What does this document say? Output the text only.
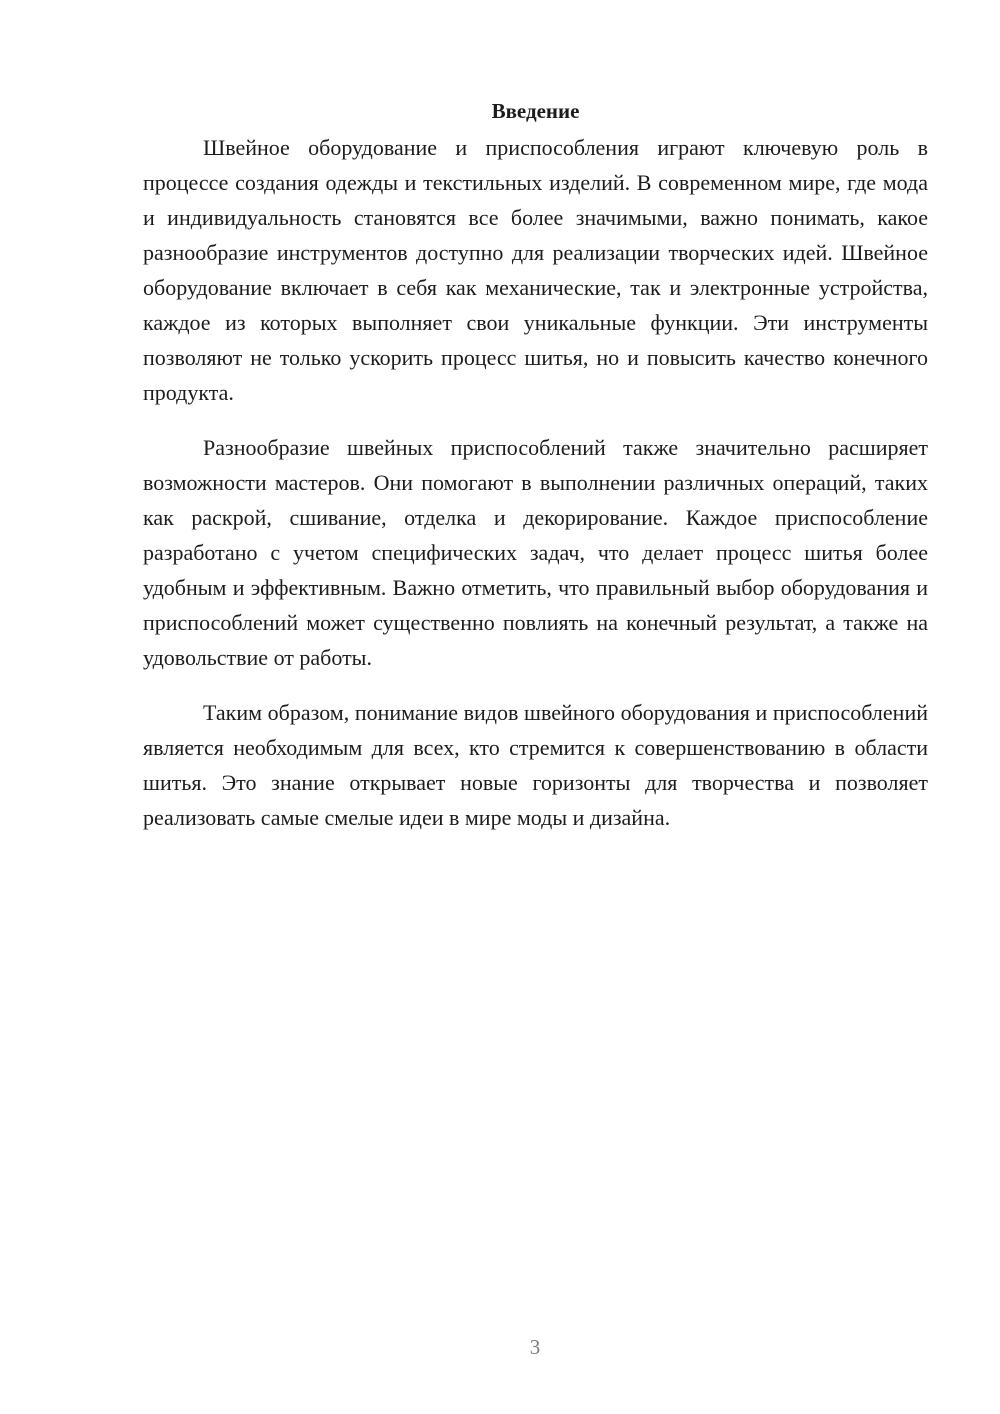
Введение

Швейное оборудование и приспособления играют ключевую роль в процессе создания одежды и текстильных изделий. В современном мире, где мода и индивидуальность становятся все более значимыми, важно понимать, какое разнообразие инструментов доступно для реализации творческих идей. Швейное оборудование включает в себя как механические, так и электронные устройства, каждое из которых выполняет свои уникальные функции. Эти инструменты позволяют не только ускорить процесс шитья, но и повысить качество конечного продукта.

Разнообразие швейных приспособлений также значительно расширяет возможности мастеров. Они помогают в выполнении различных операций, таких как раскрой, сшивание, отделка и декорирование. Каждое приспособление разработано с учетом специфических задач, что делает процесс шитья более удобным и эффективным. Важно отметить, что правильный выбор оборудования и приспособлений может существенно повлиять на конечный результат, а также на удовольствие от работы.

Таким образом, понимание видов швейного оборудования и приспособлений является необходимым для всех, кто стремится к совершенствованию в области шитья. Это знание открывает новые горизонты для творчества и позволяет реализовать самые смелые идеи в мире моды и дизайна.

3
